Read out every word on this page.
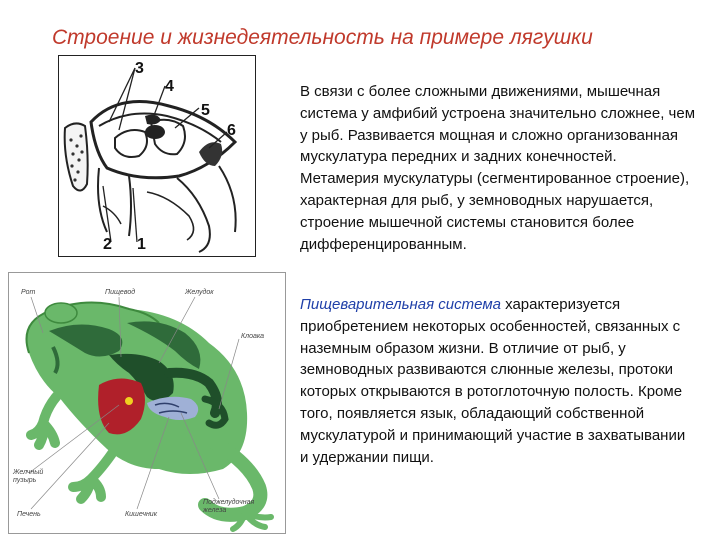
Строение и жизнедеятельность на примере лягушки
3
4
5
6
2 1
Рот	Пищевод	Желудок
Клоака
Желчный пузырь
Печень	Кишечник
Поджелудочная железа
В связи с более сложными движениями, мышечная система у амфибий устроена значительно сложнее, чем у рыб. Развивается мощная и сложно организованная мускулатура передних и задних конечностей. Метамерия мускулатуры (сегментированное строение), характерная для рыб, у земноводных нарушается, строение мышечной системы становится более дифференцированным.
Пищеварительная система характеризуется приобретением некоторых особенностей, связанных с наземным образом жизни. В отличие от рыб, у земноводных развиваются слюнные железы, протоки которых открываются в ротоглоточную полость. Кроме того, появляется язык, обладающий собственной мускулатурой и принимающий участие в захватывании и удержании пищи.
